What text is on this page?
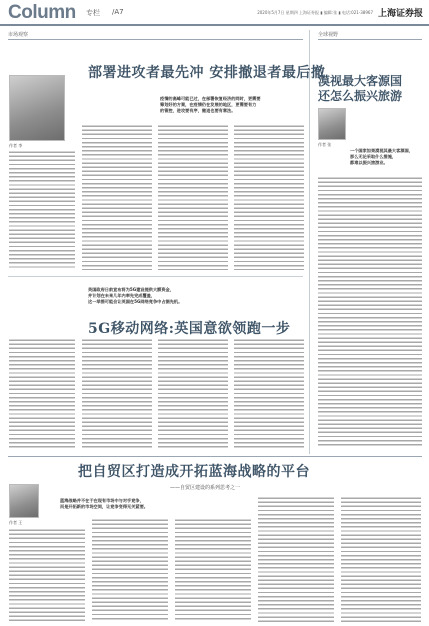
Column 专栏 /A7	2020年5月7日 星期四 上海证券报 ▮ 编辑:张 ▮ 电话:021-38967 上海证券报
市场观察	全球视野
部署进攻者最先冲 安排撤退者最后撤
作者 李
疫情的高峰可能已过，在部署恢复经济的同时，更需要
筹划好的方案，在疫情仍在发展的地区，更需要有力
的管控，进攻要有序，撤退也要有章法。
5G移动网络:英国意欲领跑一步
英国政府日前宣布将为5G建设提供大额资金，
并计划在未来几年内率先完成覆盖，
这一举措可能会让英国在5G网络竞争中占据先机。
漠视最大客源国
还怎么振兴旅游
作者 张
一个国家如果漠视其最大客源国，
那么无论采取什么措施，
都难以振兴旅游业。
把自贸区打造成开拓蓝海战略的平台
——自贸区建设的系列思考之一
作者 王
蓝海战略并不在于在现有市场中与对手竞争，
而是开拓新的市场空间，让竞争变得无关紧要。
